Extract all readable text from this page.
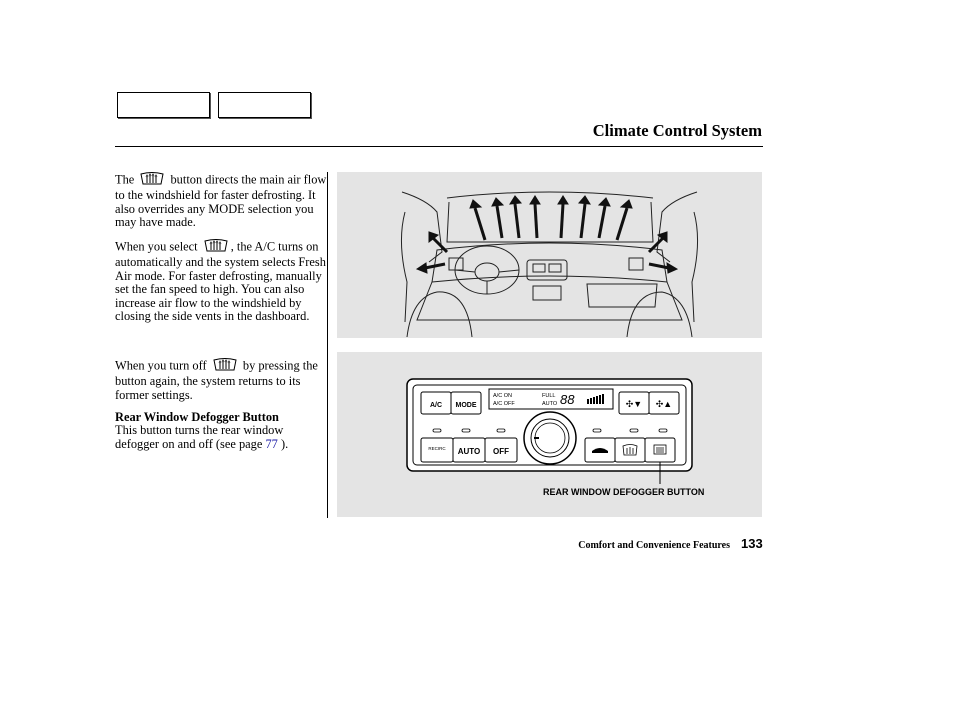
Climate Control System
The	button directs the main air flow to the windshield for faster defrosting. It also overrides any MODE selection you may have made.
When you select	, the A/C turns on automatically and the system selects Fresh Air mode. For faster defrosting, manually set the fan speed to high. You can also increase air flow to the windshield by closing the side vents in the dashboard.
When you turn off	by pressing the button again, the system returns to its former settings.
Rear Window Defogger Button
This button turns the rear window defogger on and off (see page 77 ).
A/C MODE
A/C ON
A/C OFF
FULL
AUTO 88	✣▼ ✣▲
RECIRC AUTO OFF
REAR WINDOW DEFOGGER BUTTON
Comfort and Convenience Features 133
